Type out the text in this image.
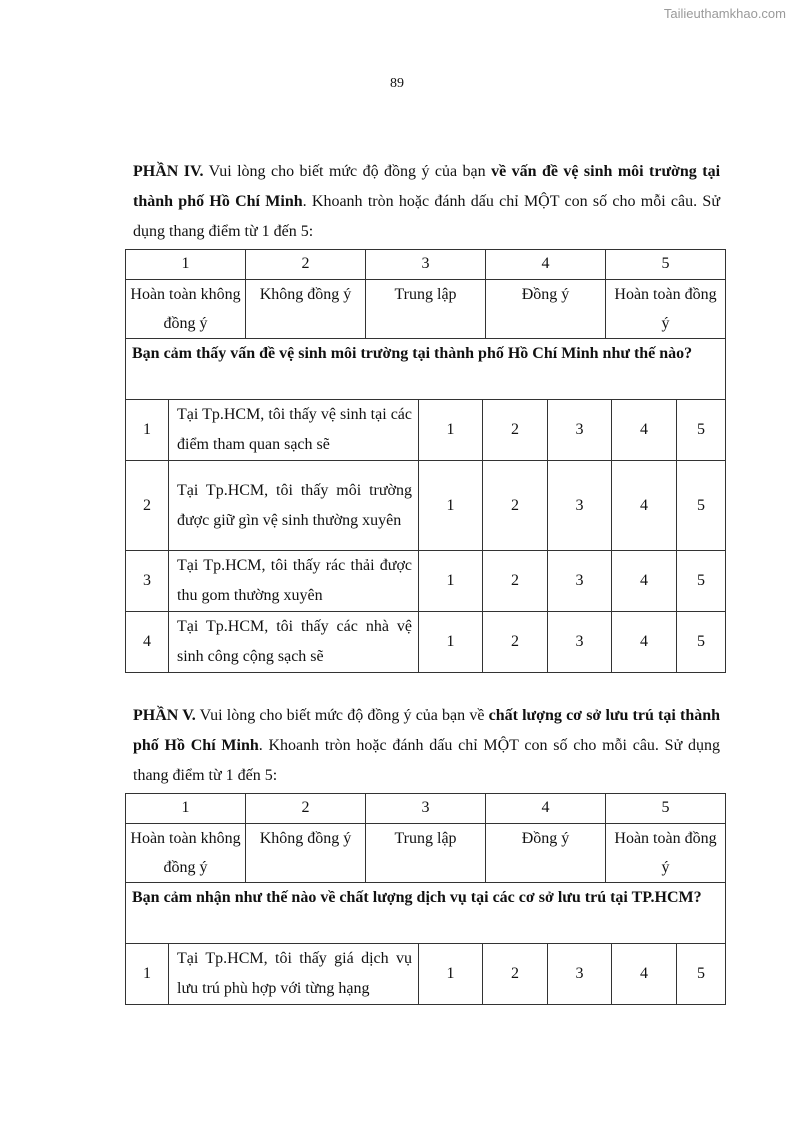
Tailieuthamkhao.com
89

PHẦN IV. Vui lòng cho biết mức độ đồng ý của bạn về vấn đề vệ sinh môi trường tại thành phố Hồ Chí Minh. Khoanh tròn hoặc đánh dấu chỉ MỘT con số cho mỗi câu. Sử dụng thang điểm từ 1 đến 5:

1	2	3	4	5
Hoàn toàn không đồng ý	Không đồng ý	Trung lập	Đồng ý	Hoàn toàn đồng ý
Bạn cảm thấy vấn đề vệ sinh môi trường tại thành phố Hồ Chí Minh như thế nào?						
1	Tại Tp.HCM, tôi thấy vệ sinh tại các điểm tham quan sạch sẽ	1	2	3	4	5
2	Tại Tp.HCM, tôi thấy môi trường được giữ gìn vệ sinh thường xuyên	1	2	3	4	5
3	Tại Tp.HCM, tôi thấy rác thải được thu gom thường xuyên	1	2	3	4	5
4	Tại Tp.HCM, tôi thấy các nhà vệ sinh công cộng sạch sẽ	1	2	3	4	5

PHẦN V. Vui lòng cho biết mức độ đồng ý của bạn về chất lượng cơ sở lưu trú tại thành phố Hồ Chí Minh. Khoanh tròn hoặc đánh dấu chỉ MỘT con số cho mỗi câu. Sử dụng thang điểm từ 1 đến 5:

1	2	3	4	5
Hoàn toàn không đồng ý	Không đồng ý	Trung lập	Đồng ý	Hoàn toàn đồng ý
Bạn cảm nhận như thế nào về chất lượng dịch vụ tại các cơ sở lưu trú tại TP.HCM?
1	Tại Tp.HCM, tôi thấy giá dịch vụ lưu trú phù hợp với từng hạng	1	2	3	4	5
